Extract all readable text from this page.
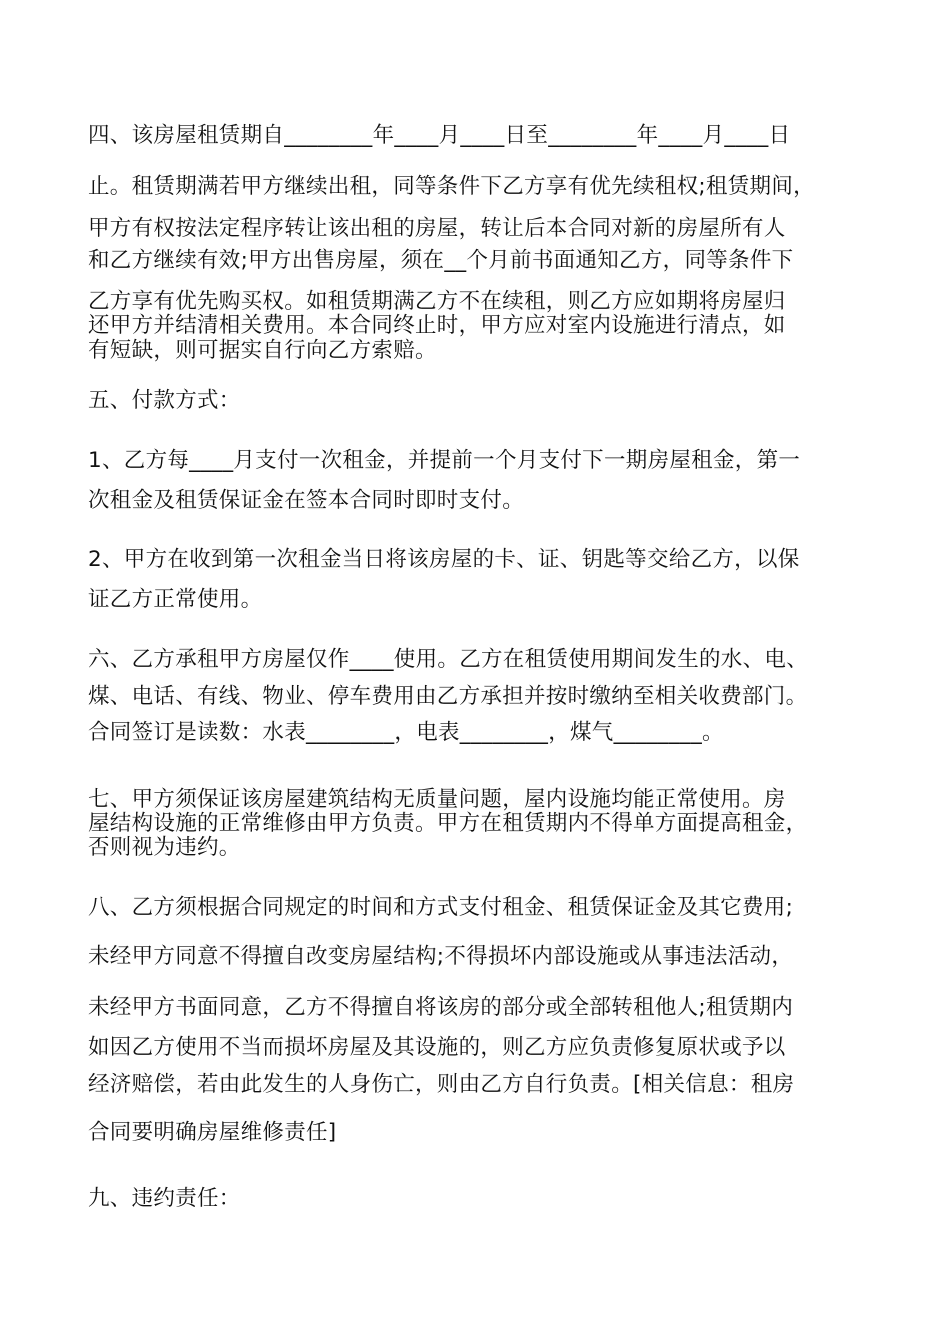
四、该房屋租赁期自________年____月____日至________年____月____日
止。租赁期满若甲方继续出租，同等条件下乙方享有优先续租权;租赁期间，
甲方有权按法定程序转让该出租的房屋，转让后本合同对新的房屋所有人
和乙方继续有效;甲方出售房屋，须在__个月前书面通知乙方，同等条件下
乙方享有优先购买权。如租赁期满乙方不在续租，则乙方应如期将房屋归
还甲方并结清相关费用。本合同终止时，甲方应对室内设施进行清点，如
有短缺，则可据实自行向乙方索赔。
五、付款方式：
1、乙方每____月支付一次租金，并提前一个月支付下一期房屋租金，第一
次租金及租赁保证金在签本合同时即时支付。
2、甲方在收到第一次租金当日将该房屋的卡、证、钥匙等交给乙方，以保
证乙方正常使用。
六、乙方承租甲方房屋仅作____使用。乙方在租赁使用期间发生的水、电、
煤、电话、有线、物业、停车费用由乙方承担并按时缴纳至相关收费部门。
合同签订是读数：水表________，电表________，煤气________。
七、甲方须保证该房屋建筑结构无质量问题，屋内设施均能正常使用。房
屋结构设施的正常维修由甲方负责。甲方在租赁期内不得单方面提高租金，
否则视为违约。
八、乙方须根据合同规定的时间和方式支付租金、租赁保证金及其它费用;
未经甲方同意不得擅自改变房屋结构;不得损坏内部设施或从事违法活动，
未经甲方书面同意，乙方不得擅自将该房的部分或全部转租他人;租赁期内
如因乙方使用不当而损坏房屋及其设施的，则乙方应负责修复原状或予以
经济赔偿，若由此发生的人身伤亡，则由乙方自行负责。[相关信息：租房
合同要明确房屋维修责任]
九、违约责任：
